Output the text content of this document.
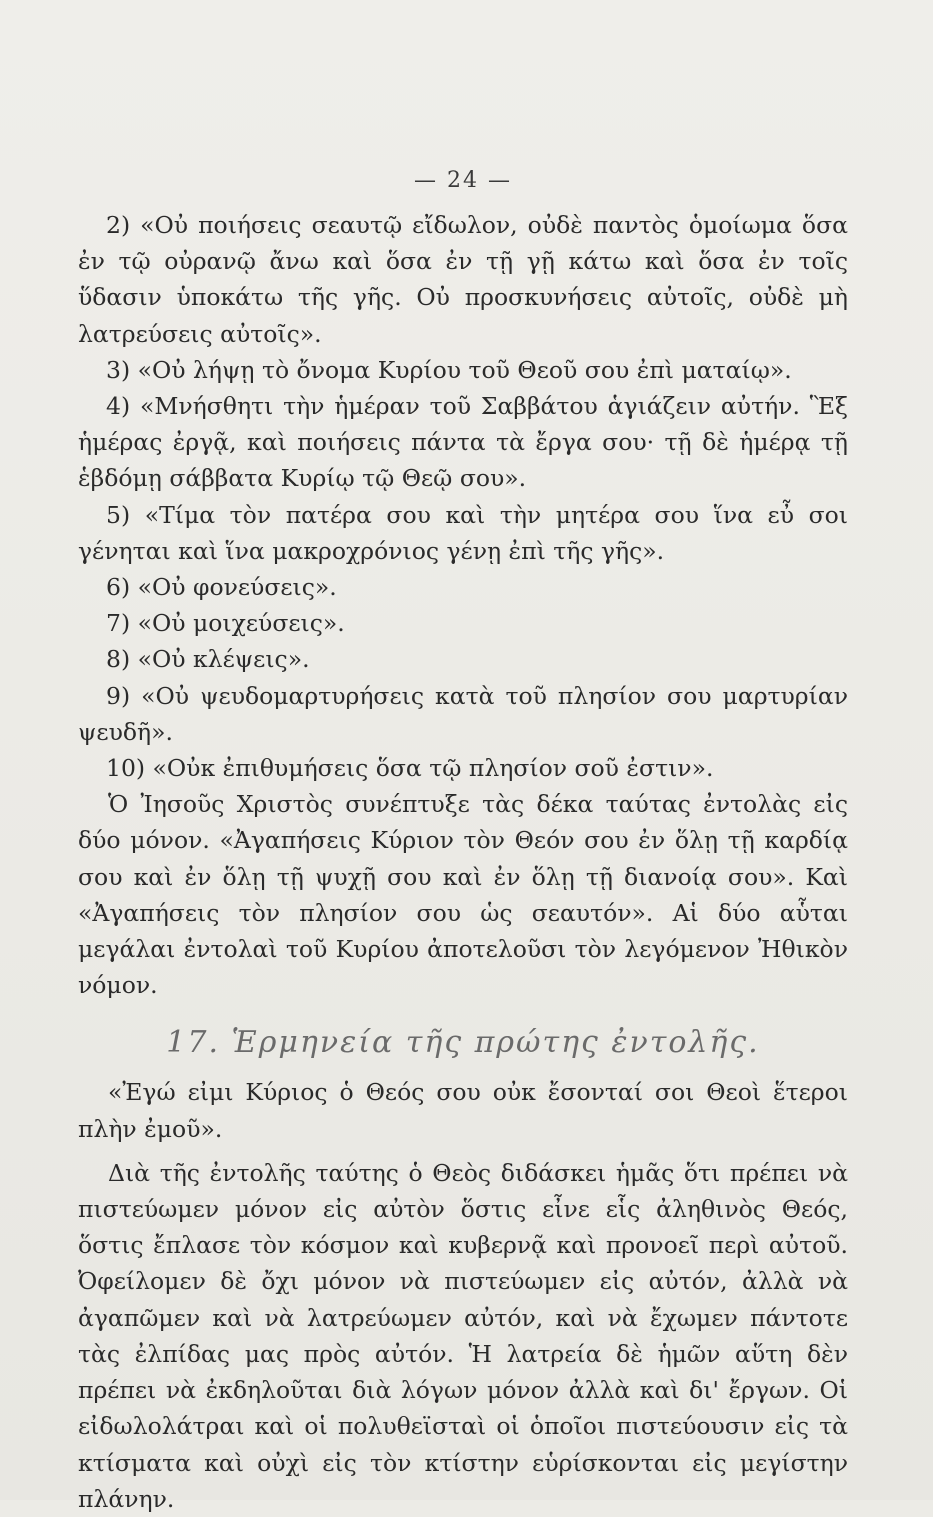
— 24 —

2) «Οὐ ποιήσεις σεαυτῷ εἴδωλον, οὐδὲ παντὸς ὁμοίωμα ὅσα ἐν τῷ οὐρανῷ ἄνω καὶ ὅσα ἐν τῇ γῇ κάτω καὶ ὅσα ἐν τοῖς ὕδασιν ὑποκάτω τῆς γῆς. Οὐ προσκυνήσεις αὐτοῖς, οὐδὲ μὴ λατρεύσεις αὐτοῖς».

3) «Οὐ λήψῃ τὸ ὄνομα Κυρίου τοῦ Θεοῦ σου ἐπὶ ματαίῳ».

4) «Μνήσθητι τὴν ἡμέραν τοῦ Σαββάτου ἁγιάζειν αὐτήν. Ἓξ ἡμέρας ἐργᾷ, καὶ ποιήσεις πάντα τὰ ἔργα σου· τῇ δὲ ἡμέρᾳ τῇ ἑβδόμῃ σάββατα Κυρίῳ τῷ Θεῷ σου».

5) «Τίμα τὸν πατέρα σου καὶ τὴν μητέρα σου ἵνα εὖ σοι γένηται καὶ ἵνα μακροχρόνιος γένῃ ἐπὶ τῆς γῆς».

6) «Οὐ φονεύσεις».

7) «Οὐ μοιχεύσεις».

8) «Οὐ κλέψεις».

9) «Οὐ ψευδομαρτυρήσεις κατὰ τοῦ πλησίον σου μαρτυρίαν ψευδῆ».

10) «Οὐκ ἐπιθυμήσεις ὅσα τῷ πλησίον σοῦ ἐστιν».

Ὁ Ἰησοῦς Χριστὸς συνέπτυξε τὰς δέκα ταύτας ἐντολὰς εἰς δύο μόνον. «Ἀγαπήσεις Κύριον τὸν Θεόν σου ἐν ὅλῃ τῇ καρδίᾳ σου καὶ ἐν ὅλῃ τῇ ψυχῇ σου καὶ ἐν ὅλῃ τῇ διανοίᾳ σου». Καὶ «Ἀγαπήσεις τὸν πλησίον σου ὡς σεαυτόν». Αἱ δύο αὗται μεγάλαι ἐντολαὶ τοῦ Κυρίου ἀποτελοῦσι τὸν λεγόμενον Ἠθικὸν νόμον.

17. Ἑρμηνεία τῆς πρώτης ἐντολῆς.

«Ἐγώ εἰμι Κύριος ὁ Θεός σου οὐκ ἔσονταί σοι Θεοὶ ἕτεροι πλὴν ἐμοῦ».

Διὰ τῆς ἐντολῆς ταύτης ὁ Θεὸς διδάσκει ἡμᾶς ὅτι πρέπει νὰ πιστεύωμεν μόνον εἰς αὐτὸν ὅστις εἶνε εἷς ἀληθινὸς Θεός, ὅστις ἔπλασε τὸν κόσμον καὶ κυβερνᾷ καὶ προνοεῖ περὶ αὐτοῦ. Ὀφείλομεν δὲ ὄχι μόνον νὰ πιστεύωμεν εἰς αὐτόν, ἀλλὰ νὰ ἀγαπῶμεν καὶ νὰ λατρεύωμεν αὐτόν, καὶ νὰ ἔχωμεν πάντοτε τὰς ἐλπίδας μας πρὸς αὐτόν. Ἡ λατρεία δὲ ἡμῶν αὕτη δὲν πρέπει νὰ ἐκδηλοῦται διὰ λόγων μόνον ἀλλὰ καὶ δι' ἔργων. Οἱ εἰδωλολάτραι καὶ οἱ πολυθεϊσταὶ οἱ ὁποῖοι πιστεύουσιν εἰς τὰ κτίσματα καὶ οὐχὶ εἰς τὸν κτίστην εὑρίσκονται εἰς μεγίστην πλάνην.
